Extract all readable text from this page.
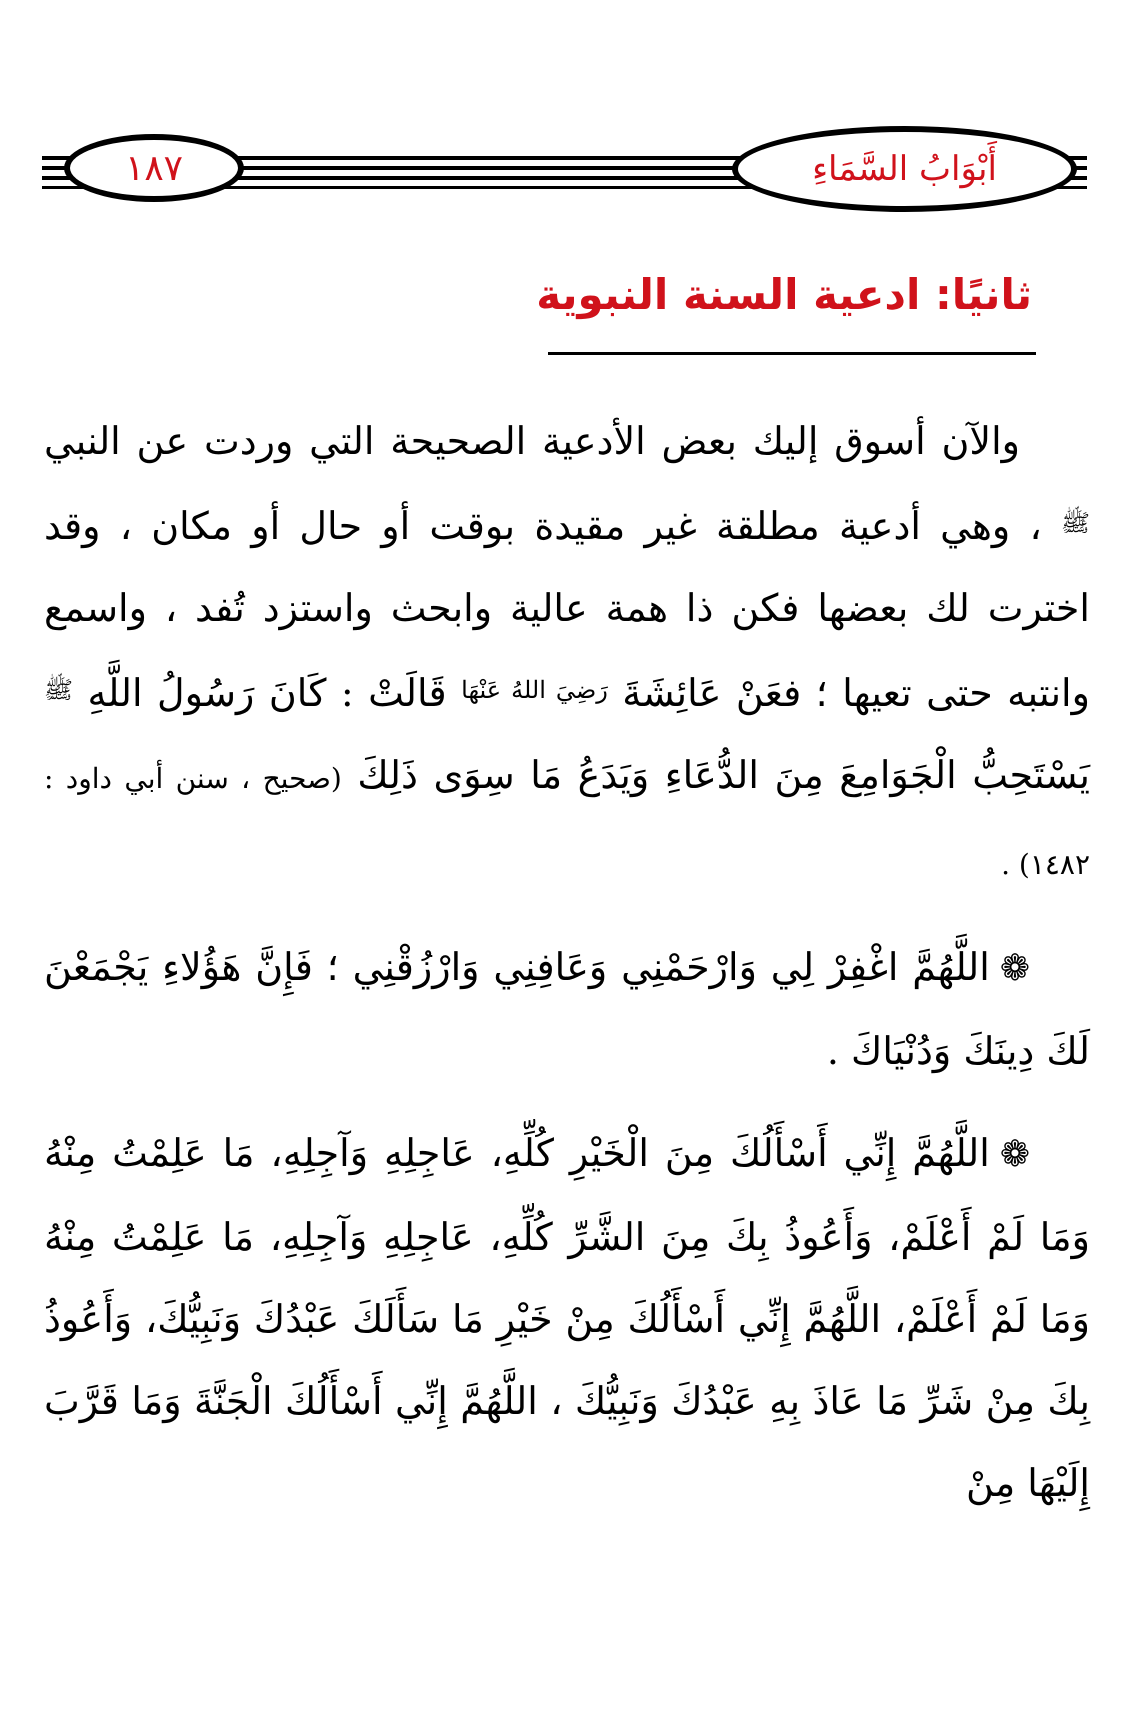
١٨٧	أَبْوَابُ السَّمَاءِ
ثانيًا: ادعية السنة النبوية

والآن أسوق إليك بعض الأدعية الصحيحة التي وردت عن النبي $^ﷺ$ ، وهي أدعية مطلقة غير مقيدة بوقت أو حال أو مكان ، وقد اخترت لك بعضها فكن ذا همة عالية وابحث واستزد تُفد ، واسمع وانتبه حتى تعيها ؛ فعَنْ عَائِشَةَ $^{رَضِيَ اللهُ عَنْهَا}$ قَالَتْ : كَانَ رَسُولُ اللَّهِ $^ﷺ$ يَسْتَحِبُّ الْجَوَامِعَ مِنَ الدُّعَاءِ وَيَدَعُ مَا سِوَى ذَلِكَ (صحيح ، سنن أبي داود : ١٤٨٢) .

❁اللَّهُمَّ اغْفِرْ لِي وَارْحَمْنِي وَعَافِنِي وَارْزُقْنِي ؛ فَإِنَّ هَؤُلاءِ يَجْمَعْنَ لَكَ دِينَكَ وَدُنْيَاكَ .

❁اللَّهُمَّ إِنِّي أَسْأَلُكَ مِنَ الْخَيْرِ كُلِّهِ، عَاجِلِهِ وَآجِلِهِ، مَا عَلِمْتُ مِنْهُ وَمَا لَمْ أَعْلَمْ، وَأَعُوذُ بِكَ مِنَ الشَّرِّ كُلِّهِ، عَاجِلِهِ وَآجِلِهِ، مَا عَلِمْتُ مِنْهُ وَمَا لَمْ أَعْلَمْ، اللَّهُمَّ إِنِّي أَسْأَلُكَ مِنْ خَيْرِ مَا سَأَلَكَ عَبْدُكَ وَنَبِيُّكَ، وَأَعُوذُ بِكَ مِنْ شَرِّ مَا عَاذَ بِهِ عَبْدُكَ وَنَبِيُّكَ ، اللَّهُمَّ إِنِّي أَسْأَلُكَ الْجَنَّةَ وَمَا قَرَّبَ إِلَيْهَا مِنْ
